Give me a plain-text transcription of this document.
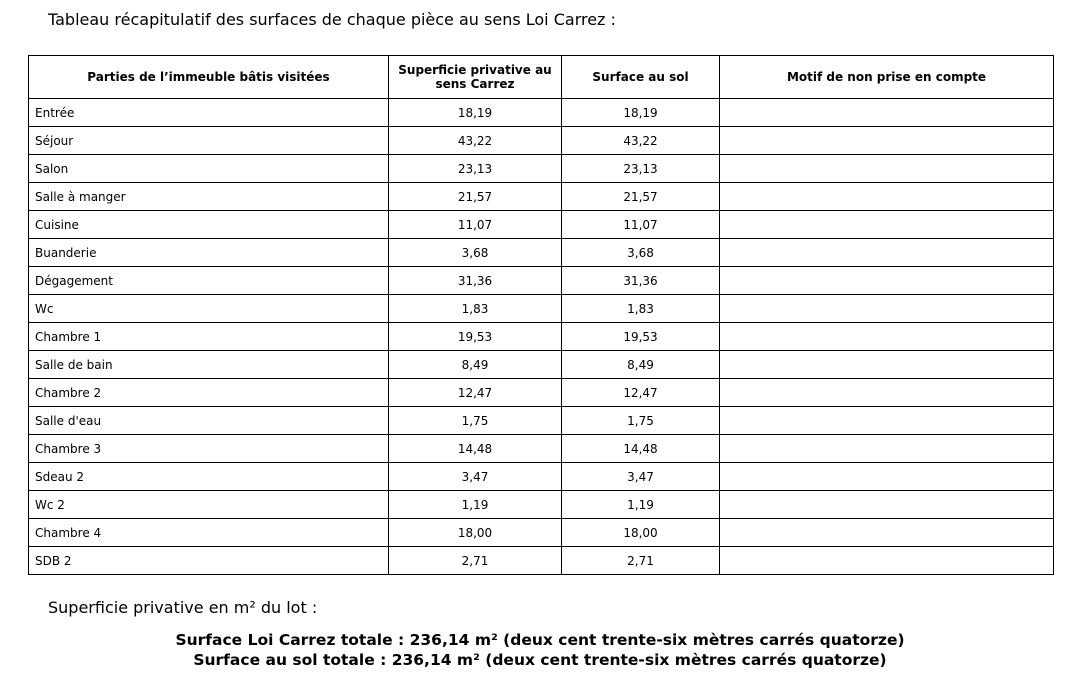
Tableau récapitulatif des surfaces de chaque pièce au sens Loi Carrez :
Parties de l’immeuble bâtis visitées	Superficie privative au sens Carrez	Surface au sol	Motif de non prise en compte
Entrée	18,19	18,19	
Séjour	43,22	43,22	
Salon	23,13	23,13	
Salle à manger	21,57	21,57	
Cuisine	11,07	11,07	
Buanderie	3,68	3,68	
Dégagement	31,36	31,36	
Wc	1,83	1,83	
Chambre 1	19,53	19,53	
Salle de bain	8,49	8,49	
Chambre 2	12,47	12,47	
Salle d'eau	1,75	1,75	
Chambre 3	14,48	14,48	
Sdeau 2	3,47	3,47	
Wc 2	1,19	1,19	
Chambre 4	18,00	18,00	
SDB 2	2,71	2,71	
Superficie privative en m² du lot :
Surface Loi Carrez totale : 236,14 m² (deux cent trente-six mètres carrés quatorze)
Surface au sol totale : 236,14 m² (deux cent trente-six mètres carrés quatorze)
